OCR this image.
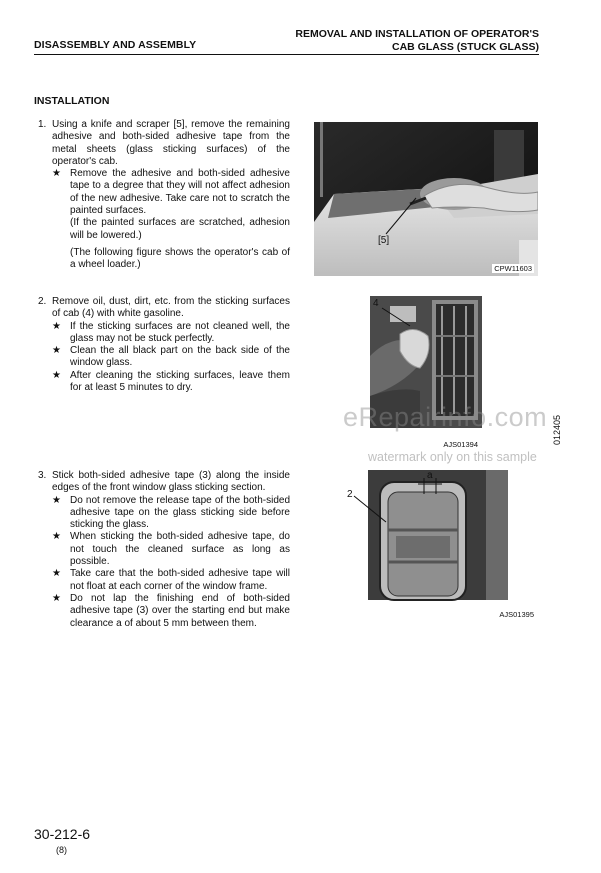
REMOVAL AND INSTALLATION OF OPERATOR'S
CAB GLASS (STUCK GLASS)
DISASSEMBLY AND ASSEMBLY
INSTALLATION
1. Using a knife and scraper [5], remove the remaining adhesive and both-sided adhesive tape from the metal sheets (glass sticking surfaces) of the operator's cab.
★ Remove the adhesive and both-sided adhesive tape to a degree that they will not affect adhesion of the new adhesive. Take care not to scratch the painted surfaces.
(If the painted surfaces are scratched, adhesion will be lowered.)
(The following figure shows the operator's cab of a wheel loader.)
2. Remove oil, dust, dirt, etc. from the sticking surfaces of cab (4) with white gasoline.
★ If the sticking surfaces are not cleaned well, the glass may not be stuck perfectly.
★ Clean the all black part on the back side of the window glass.
★ After cleaning the sticking surfaces, leave them for at least 5 minutes to dry.
3. Stick both-sided adhesive tape (3) along the inside edges of the front window glass sticking section.
★ Do not remove the release tape of the both-sided adhesive tape on the glass sticking side before sticking the glass.
★ When sticking the both-sided adhesive tape, do not touch the cleaned surface as long as possible.
★ Take care that the both-sided adhesive tape will not float at each corner of the window frame.
★ Do not lap the finishing end of both-sided adhesive tape (3) over the starting end but make clearance a of about 5 mm between them.
[5]
CPW11603
4
AJS01394
2
a
AJS01395
eRepairinfo.com
watermark only on this sample
012405
30-212-6
(8)
